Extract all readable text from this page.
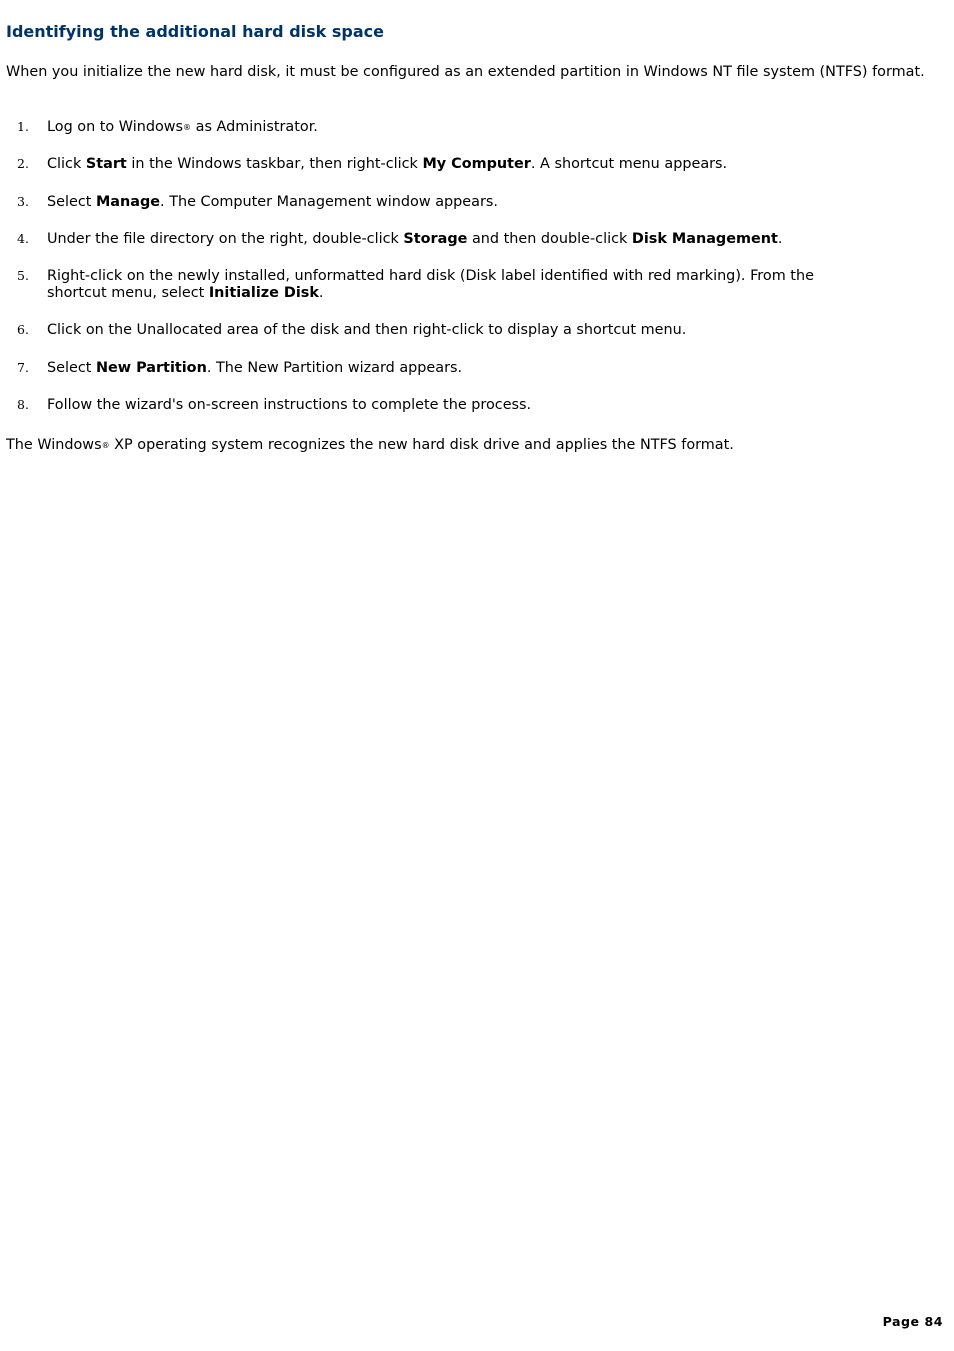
Identifying the additional hard disk space

When you initialize the new hard disk, it must be configured as an extended partition in Windows NT file system (NTFS) format.

1. Log on to Windows® as Administrator.
2. Click Start in the Windows taskbar, then right-click My Computer. A shortcut menu appears.
3. Select Manage. The Computer Management window appears.
4. Under the file directory on the right, double-click Storage and then double-click Disk Management.
5. Right-click on the newly installed, unformatted hard disk (Disk label identified with red marking). From the shortcut menu, select Initialize Disk.
6. Click on the Unallocated area of the disk and then right-click to display a shortcut menu.
7. Select New Partition. The New Partition wizard appears.
8. Follow the wizard's on-screen instructions to complete the process.

The Windows® XP operating system recognizes the new hard disk drive and applies the NTFS format.

Page 84
